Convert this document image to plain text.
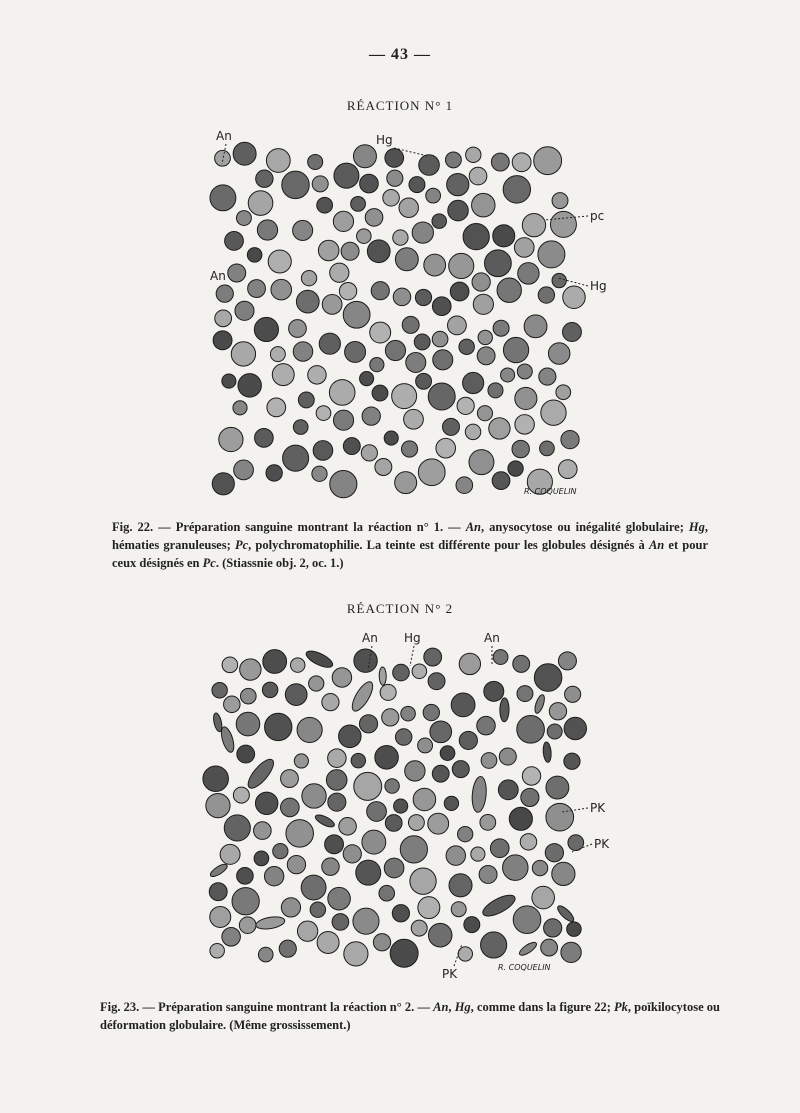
— 43 —
RÉACTION N° 1
An	Hg
pc
An
Hg
R. COQUELIN
Fig. 22. — Préparation sanguine montrant la réaction n° 1. — An, anysocytose ou inégalité globulaire; Hg, hématies granuleuses; Pc, polychromatophilie. La teinte est différente pour les globules désignés à An et pour ceux désignés en Pc. (Stiassnie obj. 2, oc. 1.)
RÉACTION N° 2
An Hg	An
PK
PK
PK	R. COQUELIN
Fig. 23. — Préparation sanguine montrant la réaction n° 2. — An, Hg, comme dans la figure 22; Pk, poïkilocytose ou déformation globulaire. (Même grossissement.)
